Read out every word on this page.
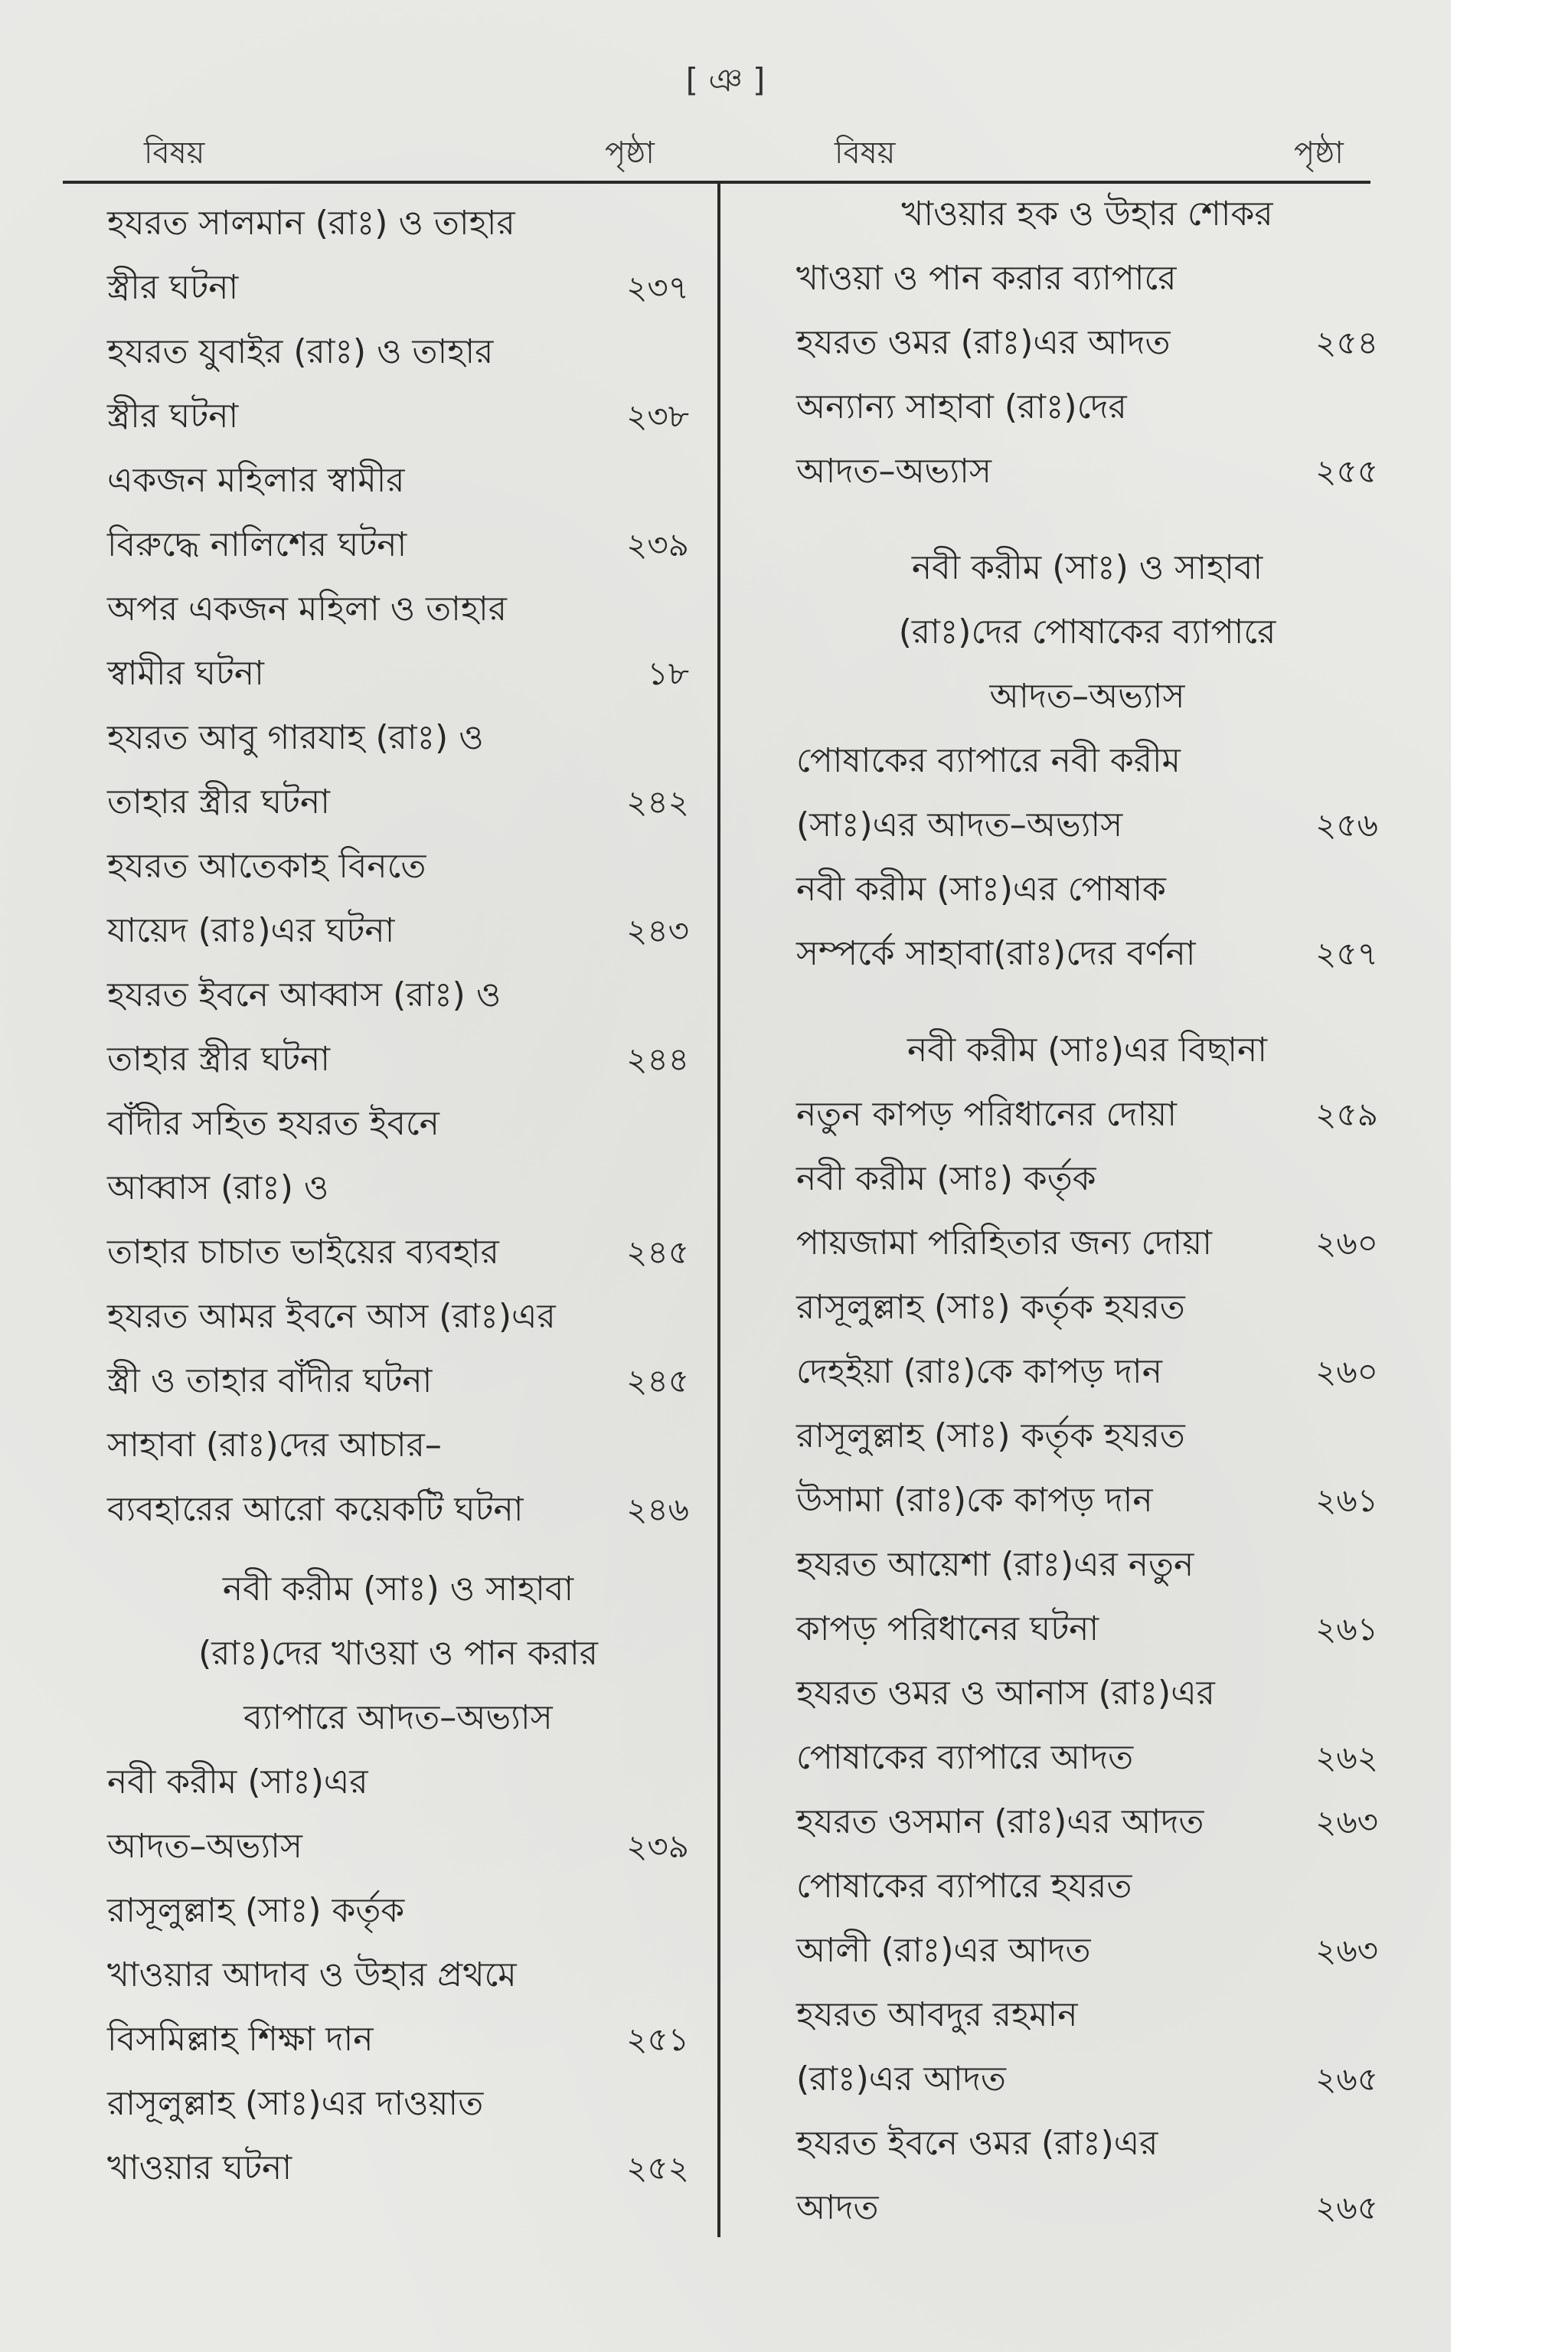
[ ঞ ]
বিষয়	পৃষ্ঠা	বিষয়	পৃষ্ঠা
হযরত সালমান (রাঃ) ও তাহার
স্ত্রীর ঘটনা	২৩৭
হযরত যুবাইর (রাঃ) ও তাহার
স্ত্রীর ঘটনা	২৩৮
একজন মহিলার স্বামীর
বিরুদ্ধে নালিশের ঘটনা	২৩৯
অপর একজন মহিলা ও তাহার
স্বামীর ঘটনা	১৮
হযরত আবু গারযাহ (রাঃ) ও
তাহার স্ত্রীর ঘটনা	২৪২
হযরত আতেকাহ বিনতে
যায়েদ (রাঃ)এর ঘটনা	২৪৩
হযরত ইবনে আব্বাস (রাঃ) ও
তাহার স্ত্রীর ঘটনা	২৪৪
বাঁদীর সহিত হযরত ইবনে
আব্বাস (রাঃ) ও
তাহার চাচাত ভাইয়ের ব্যবহার	২৪৫
হযরত আমর ইবনে আস (রাঃ)এর
স্ত্রী ও তাহার বাঁদীর ঘটনা	২৪৫
সাহাবা (রাঃ)দের আচার–
ব্যবহারের আরো কয়েকটি ঘটনা	২৪৬
নবী করীম (সাঃ) ও সাহাবা
(রাঃ)দের খাওয়া ও পান করার
ব্যাপারে আদত–অভ্যাস
নবী করীম (সাঃ)এর
আদত–অভ্যাস	২৩৯
রাসূলুল্লাহ (সাঃ) কর্তৃক
খাওয়ার আদাব ও উহার প্রথমে
বিসমিল্লাহ শিক্ষা দান	২৫১
রাসূলুল্লাহ (সাঃ)এর দাওয়াত
খাওয়ার ঘটনা	২৫২
খাওয়ার হক ও উহার শোকর
খাওয়া ও পান করার ব্যাপারে
হযরত ওমর (রাঃ)এর আদত	২৫৪
অন্যান্য সাহাবা (রাঃ)দের
আদত–অভ্যাস	২৫৫
নবী করীম (সাঃ) ও সাহাবা
(রাঃ)দের পোষাকের ব্যাপারে
আদত–অভ্যাস
পোষাকের ব্যাপারে নবী করীম
(সাঃ)এর আদত–অভ্যাস	২৫৬
নবী করীম (সাঃ)এর পোষাক
সম্পর্কে সাহাবা(রাঃ)দের বর্ণনা	২৫৭
নবী করীম (সাঃ)এর বিছানা
নতুন কাপড় পরিধানের দোয়া	২৫৯
নবী করীম (সাঃ) কর্তৃক
পায়জামা পরিহিতার জন্য দোয়া	২৬০
রাসূলুল্লাহ (সাঃ) কর্তৃক হযরত
দেহইয়া (রাঃ)কে কাপড় দান	২৬০
রাসূলুল্লাহ (সাঃ) কর্তৃক হযরত
উসামা (রাঃ)কে কাপড় দান	২৬১
হযরত আয়েশা (রাঃ)এর নতুন
কাপড় পরিধানের ঘটনা	২৬১
হযরত ওমর ও আনাস (রাঃ)এর
পোষাকের ব্যাপারে আদত	২৬২
হযরত ওসমান (রাঃ)এর আদত	২৬৩
পোষাকের ব্যাপারে হযরত
আলী (রাঃ)এর আদত	২৬৩
হযরত আবদুর রহমান
(রাঃ)এর আদত	২৬৫
হযরত ইবনে ওমর (রাঃ)এর
আদত	২৬৫
